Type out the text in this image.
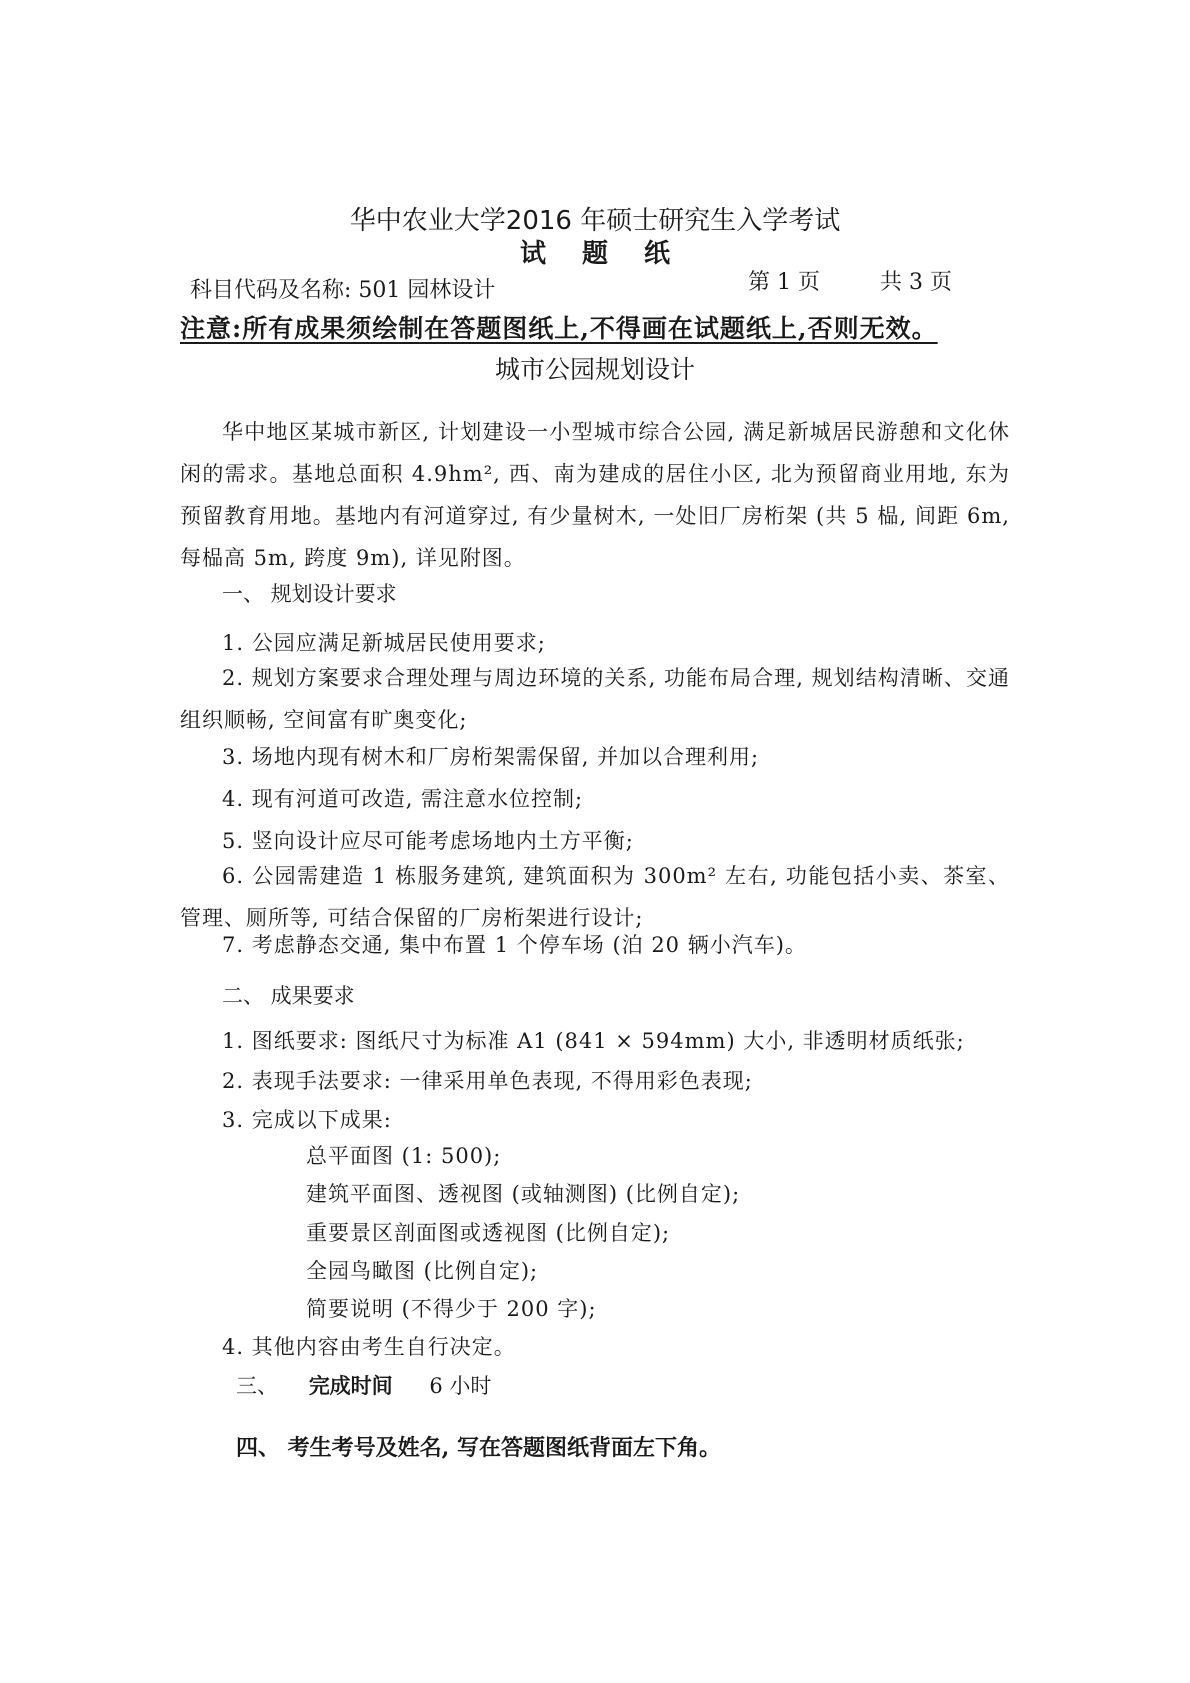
华中农业大学2016 年硕士研究生入学考试
试题纸
科目代码及名称: 501 园林设计	第 1 页	共 3 页
注意:所有成果须绘制在答题图纸上,不得画在试题纸上,否则无效。
城市公园规划设计
华中地区某城市新区, 计划建设一小型城市综合公园, 满足新城居民游憩和文化休闲的需求。基地总面积 4.9hm², 西、南为建成的居住小区, 北为预留商业用地, 东为预留教育用地。基地内有河道穿过, 有少量树木, 一处旧厂房桁架 (共 5 榀, 间距 6m, 每榀高 5m, 跨度 9m), 详见附图。
一、 规划设计要求
1. 公园应满足新城居民使用要求;
2. 规划方案要求合理处理与周边环境的关系, 功能布局合理, 规划结构清晰、交通组织顺畅, 空间富有旷奥变化;
3. 场地内现有树木和厂房桁架需保留, 并加以合理利用;
4. 现有河道可改造, 需注意水位控制;
5. 竖向设计应尽可能考虑场地内土方平衡;
6. 公园需建造 1 栋服务建筑, 建筑面积为 300m² 左右, 功能包括小卖、茶室、管理、厕所等, 可结合保留的厂房桁架进行设计;
7. 考虑静态交通, 集中布置 1 个停车场 (泊 20 辆小汽车)。
二、 成果要求
1. 图纸要求: 图纸尺寸为标准 A1 (841 × 594mm) 大小, 非透明材质纸张;
2. 表现手法要求: 一律采用单色表现, 不得用彩色表现;
3. 完成以下成果:
总平面图 (1: 500);
建筑平面图、透视图 (或轴测图) (比例自定);
重要景区剖面图或透视图 (比例自定);
全园鸟瞰图 (比例自定);
简要说明 (不得少于 200 字);
4. 其他内容由考生自行决定。
三、 完成时间 6 小时
四、 考生考号及姓名, 写在答题图纸背面左下角。
